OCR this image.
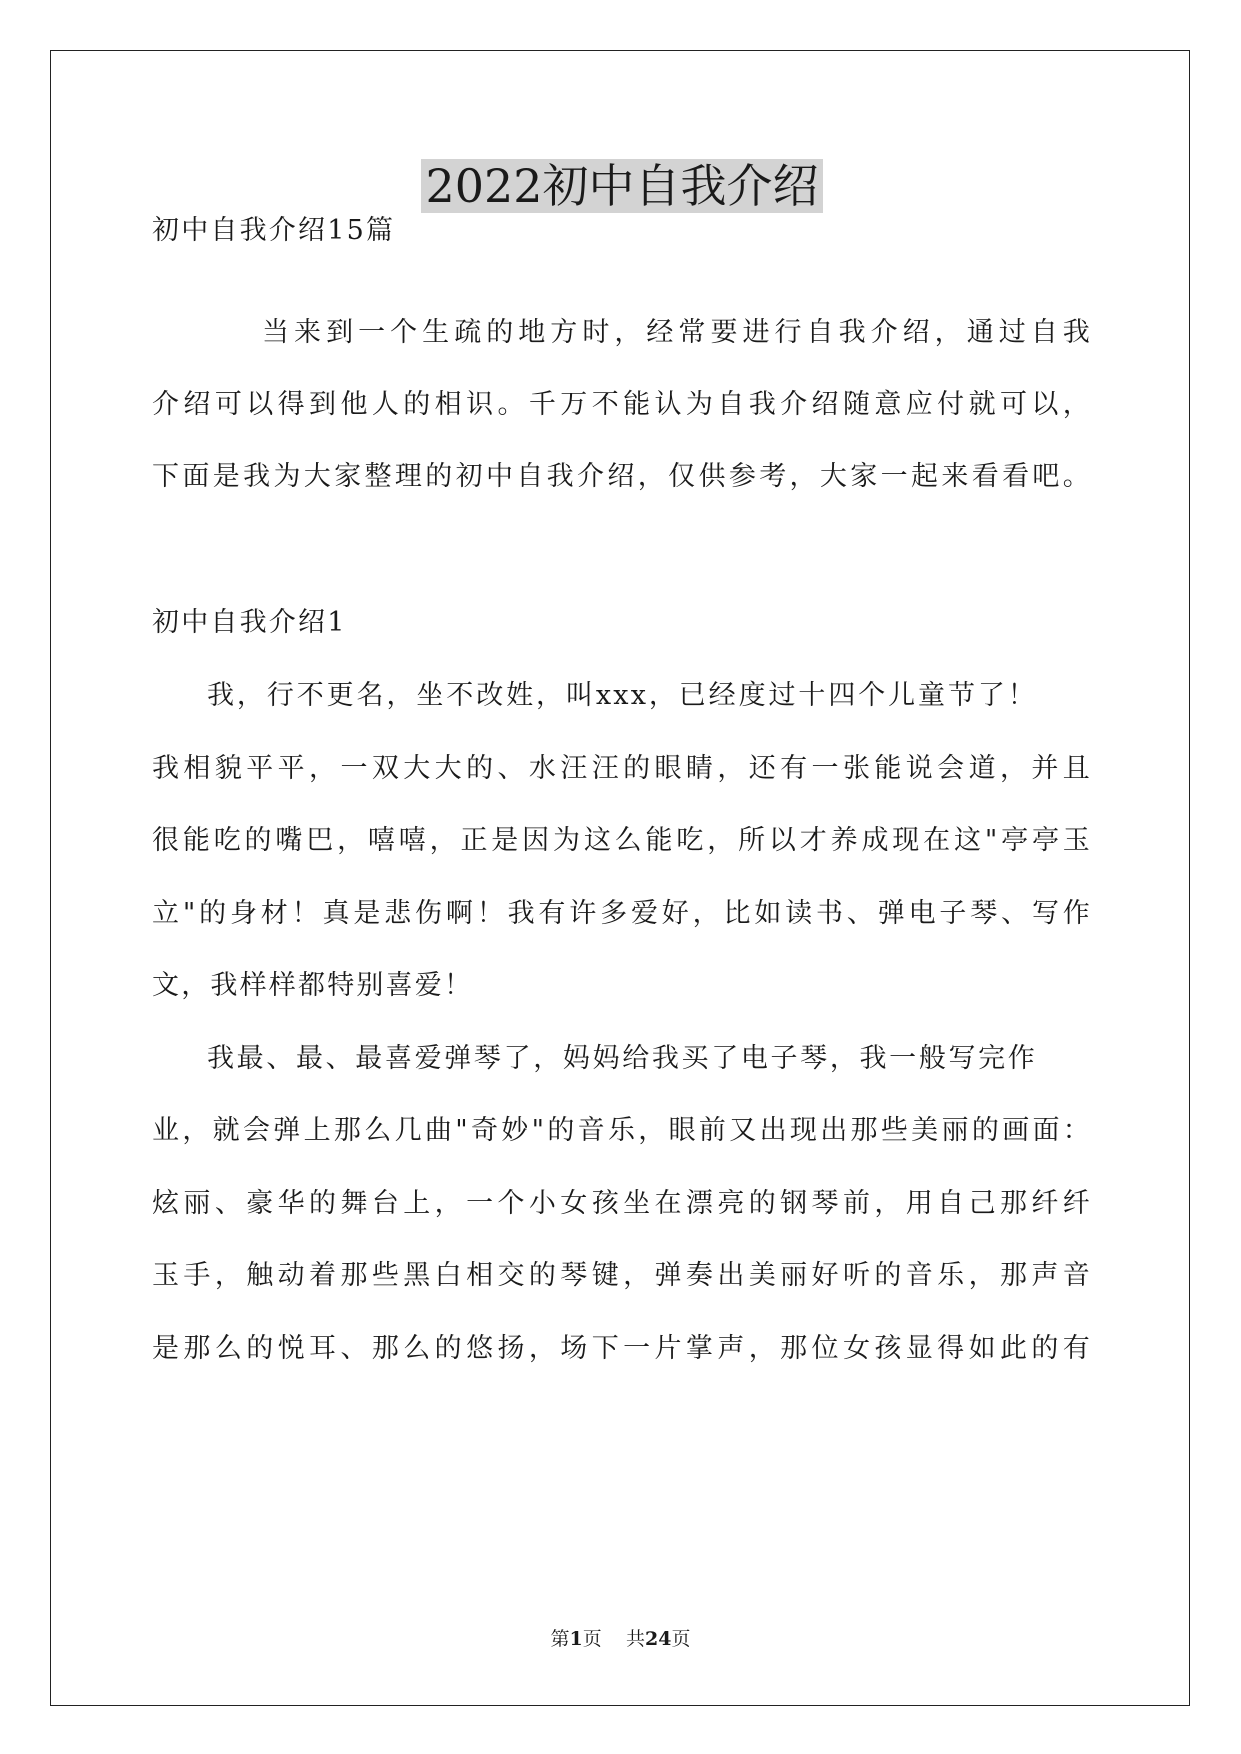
2022初中自我介绍
初中自我介绍15篇
当来到一个生疏的地方时，经常要进行自我介绍，通过自我
介绍可以得到他人的相识。千万不能认为自我介绍随意应付就可以，
下面是我为大家整理的初中自我介绍，仅供参考，大家一起来看看吧。
初中自我介绍1
我，行不更名，坐不改姓，叫xxx，已经度过十四个儿童节了！
我相貌平平，一双大大的、水汪汪的眼睛，还有一张能说会道，并且
很能吃的嘴巴，嘻嘻，正是因为这么能吃，所以才养成现在这"亭亭玉
立"的身材！真是悲伤啊！我有许多爱好，比如读书、弹电子琴、写作
文，我样样都特别喜爱！
我最、最、最喜爱弹琴了，妈妈给我买了电子琴，我一般写完作
业，就会弹上那么几曲"奇妙"的音乐，眼前又出现出那些美丽的画面：
炫丽、豪华的舞台上，一个小女孩坐在漂亮的钢琴前，用自己那纤纤
玉手，触动着那些黑白相交的琴键，弹奏出美丽好听的音乐，那声音
是那么的悦耳、那么的悠扬，场下一片掌声，那位女孩显得如此的有
第1页 共24页
